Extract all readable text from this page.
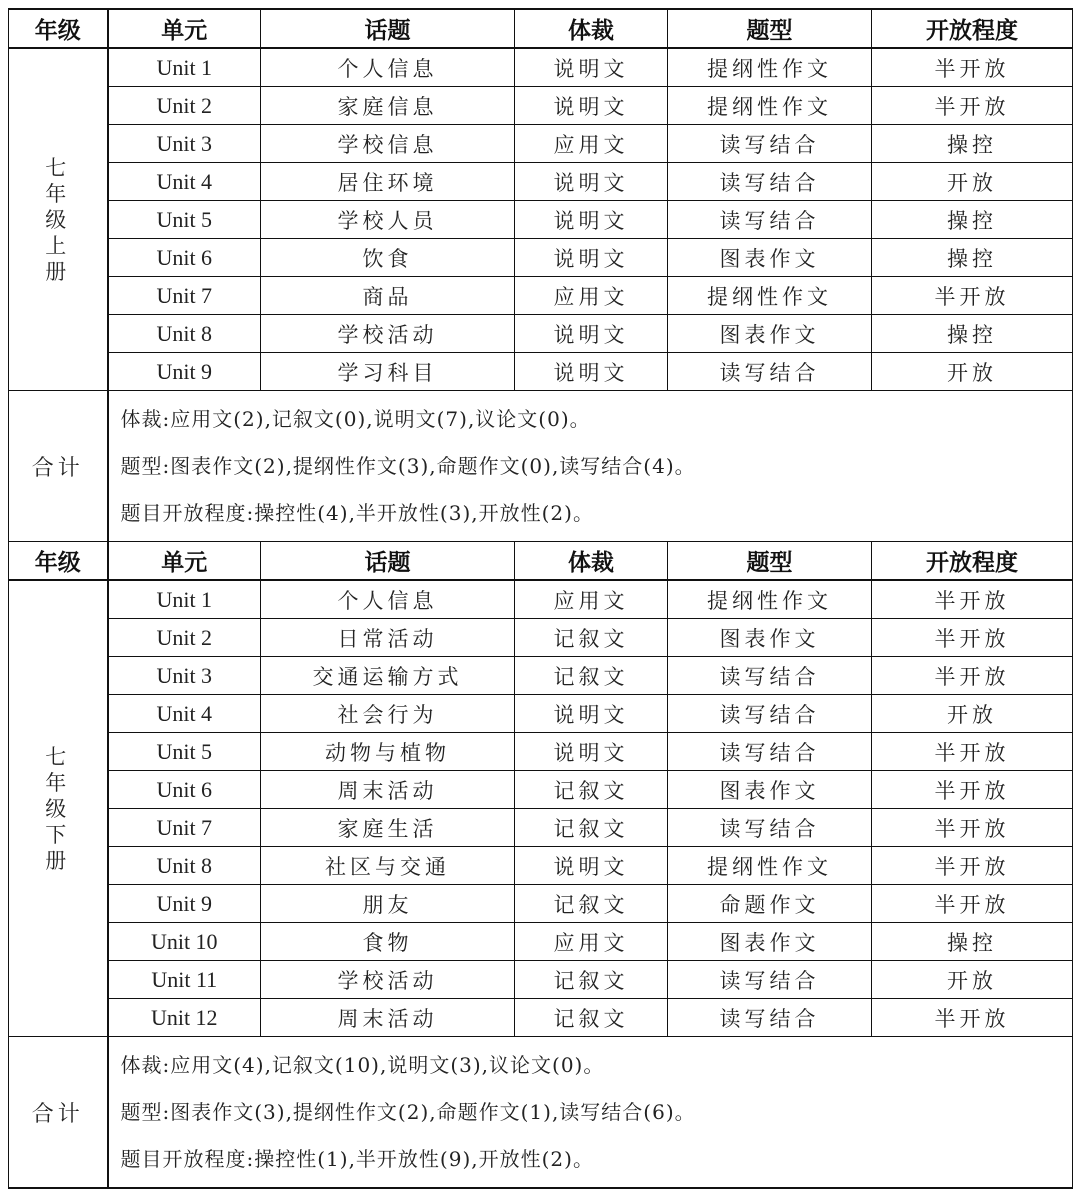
年级	单元	话题	体裁	题型	开放程度

七
年
级
上
册	Unit 1	个人信息	说明文	提纲性作文	半开放
	Unit 2	家庭信息	说明文	提纲性作文	半开放
	Unit 3	学校信息	应用文	读写结合	操控
	Unit 4	居住环境	说明文	读写结合	开放
	Unit 5	学校人员	说明文	读写结合	操控
	Unit 6	饮食	说明文	图表作文	操控
	Unit 7	商品	应用文	提纲性作文	半开放
	Unit 8	学校活动	说明文	图表作文	操控
	Unit 9	学习科目	说明文	读写结合	开放
合计	体裁:应用文(2),记叙文(0),说明文(7),议论文(0)。
题型:图表作文(2),提纲性作文(3),命题作文(0),读写结合(4)。
题目开放程度:操控性(4),半开放性(3),开放性(2)。				

年级	单元	话题	体裁	题型	开放程度

七
年
级
下
册	Unit 1	个人信息	应用文	提纲性作文	半开放
	Unit 2	日常活动	记叙文	图表作文	半开放
	Unit 3	交通运输方式	记叙文	读写结合	半开放
	Unit 4	社会行为	说明文	读写结合	开放
	Unit 5	动物与植物	说明文	读写结合	半开放
	Unit 6	周末活动	记叙文	图表作文	半开放
	Unit 7	家庭生活	记叙文	读写结合	半开放
	Unit 8	社区与交通	说明文	提纲性作文	半开放
	Unit 9	朋友	记叙文	命题作文	半开放
	Unit 10	食物	应用文	图表作文	操控
	Unit 11	学校活动	记叙文	读写结合	开放
	Unit 12	周末活动	记叙文	读写结合	半开放
合计	体裁:应用文(4),记叙文(10),说明文(3),议论文(0)。
题型:图表作文(3),提纲性作文(2),命题作文(1),读写结合(6)。
题目开放程度:操控性(1),半开放性(9),开放性(2)。				
